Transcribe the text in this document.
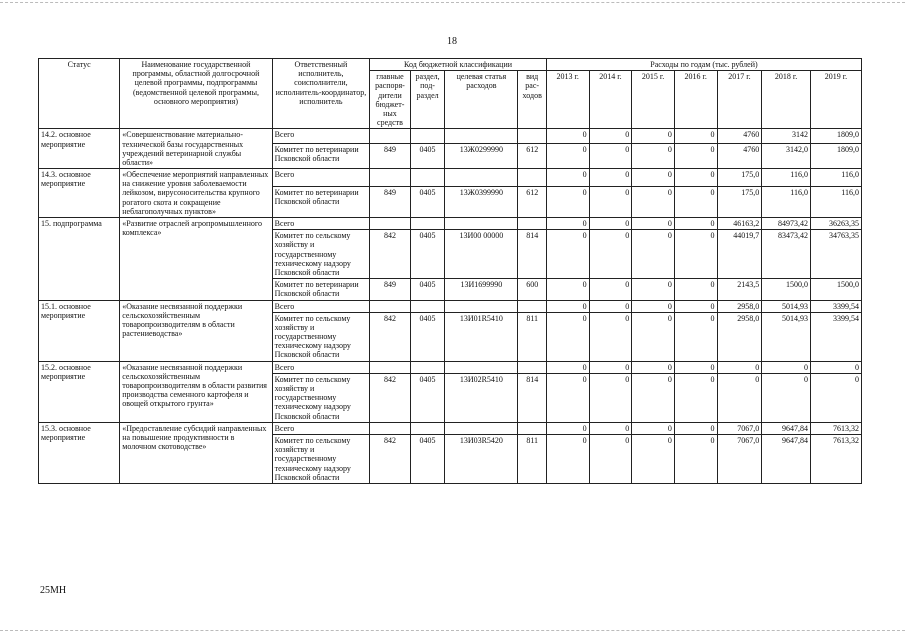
18
Статус	Наименование государственной программы, областной долгосрочной целевой программы, подпрограммы (ведомственной целевой программы, основного мероприятия)	Ответственный исполнитель, соисполнители, исполнитель-координатор, исполнитель	Код бюджетной классификации				Расходы по годам (тыс. рублей)						
			главные распоря-дители бюджет-ных средств	раздел, под-раздел	целевая статья расходов	вид рас-ходов	2013 г.	2014 г.	2015 г.	2016 г.	2017 г.	2018 г.	2019 г.
14.2. основное мероприятие	«Совершенствование материально-технической базы государственных учреждений ветеринарной службы области»	Всего					0	0	0	0	4760	3142	1809,0
		Комитет по ветеринарии Псковской области	849	0405	13Ж0299990	612	0	0	0	0	4760	3142,0	1809,0
14.3. основное мероприятие	«Обеспечение мероприятий направленных на снижение уровня заболеваемости лейкозом, вирусоносительства крупного рогатого скота и сокращение неблагополучных пунктов»	Всего					0	0	0	0	175,0	116,0	116,0
		Комитет по ветеринарии Псковской области	849	0405	13Ж0399990	612	0	0	0	0	175,0	116,0	116,0
15. подпрограмма	«Развитие отраслей агропромышленного комплекса»	Всего					0	0	0	0	46163,2	84973,42	36263,35
		Комитет по сельскому хозяйству и государственному техническому надзору Псковской области	842	0405	13И00 00000	814	0	0	0	0	44019,7	83473,42	34763,35
		Комитет по ветеринарии Псковской области	849	0405	13И1699990	600	0	0	0	0	2143,5	1500,0	1500,0
15.1. основное мероприятие	«Оказание несвязанной поддержки сельскохозяйственным товаропроизводителям в области растениеводства»	Всего					0	0	0	0	2958,0	5014,93	3399,54
		Комитет по сельскому хозяйству и государственному техническому надзору Псковской области	842	0405	13И01R5410	811	0	0	0	0	2958,0	5014,93	3399,54
15.2. основное мероприятие	«Оказание несвязанной поддержки сельскохозяйственным товаропроизводителям в области развития производства семенного картофеля и овощей открытого грунта»	Всего					0	0	0	0	0	0	0
		Комитет по сельскому хозяйству и государственному техническому надзору Псковской области	842	0405	13И02R5410	814	0	0	0	0	0	0	0
15.3. основное мероприятие	«Предоставление субсидий направленных на повышение продуктивности в молочном скотоводстве»	Всего					0	0	0	0	7067,0	9647,84	7613,32
		Комитет по сельскому хозяйству и государственному техническому надзору Псковской области	842	0405	13И03R5420	811	0	0	0	0	7067,0	9647,84	7613,32
25МН
